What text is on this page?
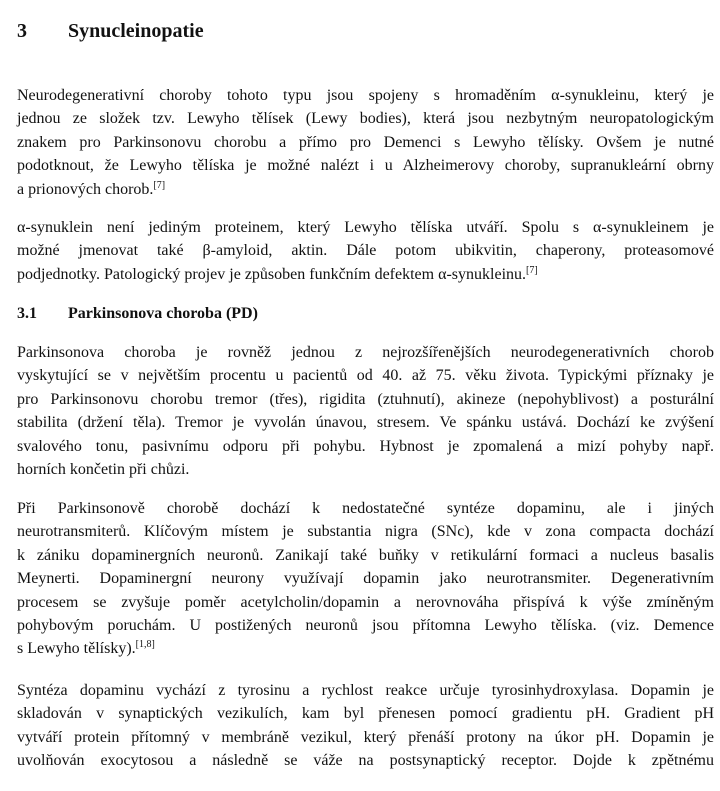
3 Synucleinopatie
Neurodegenerativní choroby tohoto typu jsou spojeny s hromaděním α-synukleinu, který je
jednou ze složek tzv. Lewyho tělísek (Lewy bodies), která jsou nezbytným neuropatologickým
znakem pro Parkinsonovu chorobu a přímo pro Demenci s Lewyho tělísky. Ovšem je nutné
podotknout, že Lewyho tělíska je možné nalézt i u Alzheimerovy choroby, supranukleární obrny
a prionových chorob.[7]
α-synuklein není jediným proteinem, který Lewyho tělíska utváří. Spolu s α-synukleinem je
možné jmenovat také β-amyloid, aktin. Dále potom ubikvitin, chaperony, proteasomové
podjednotky. Patologický projev je způsoben funkčním defektem α-synukleinu.[7]
3.1 Parkinsonova choroba (PD)
Parkinsonova choroba je rovněž jednou z nejrozšířenějších neurodegenerativních chorob
vyskytující se v největším procentu u pacientů od 40. až 75. věku života. Typickými příznaky je
pro Parkinsonovu chorobu tremor (třes), rigidita (ztuhnutí), akineze (nepohyblivost) a posturální
stabilita (držení těla). Tremor je vyvolán únavou, stresem. Ve spánku ustává. Dochází ke zvýšení
svalového tonu, pasivnímu odporu při pohybu. Hybnost je zpomalená a mizí pohyby např.
horních končetin při chůzi.
Při Parkinsonově chorobě dochází k nedostatečné syntéze dopaminu, ale i jiných
neurotransmiterů. Klíčovým místem je substantia nigra (SNc), kde v zona compacta dochází
k zániku dopaminergních neuronů. Zanikají také buňky v retikulární formaci a nucleus basalis
Meynerti. Dopaminergní neurony využívají dopamin jako neurotransmiter. Degenerativním
procesem se zvyšuje poměr acetylcholin/dopamin a nerovnováha přispívá k výše zmíněným
pohybovým poruchám. U postižených neuronů jsou přítomna Lewyho tělíska. (viz. Demence
s Lewyho tělísky).[1,8]
Syntéza dopaminu vychází z tyrosinu a rychlost reakce určuje tyrosinhydroxylasa. Dopamin je
skladován v synaptických vezikulích, kam byl přenesen pomocí gradientu pH. Gradient pH
vytváří protein přítomný v membráně vezikul, který přenáší protony na úkor pH. Dopamin je
uvolňován exocytosou a následně se váže na postsynaptický receptor. Dojde k zpětnému
